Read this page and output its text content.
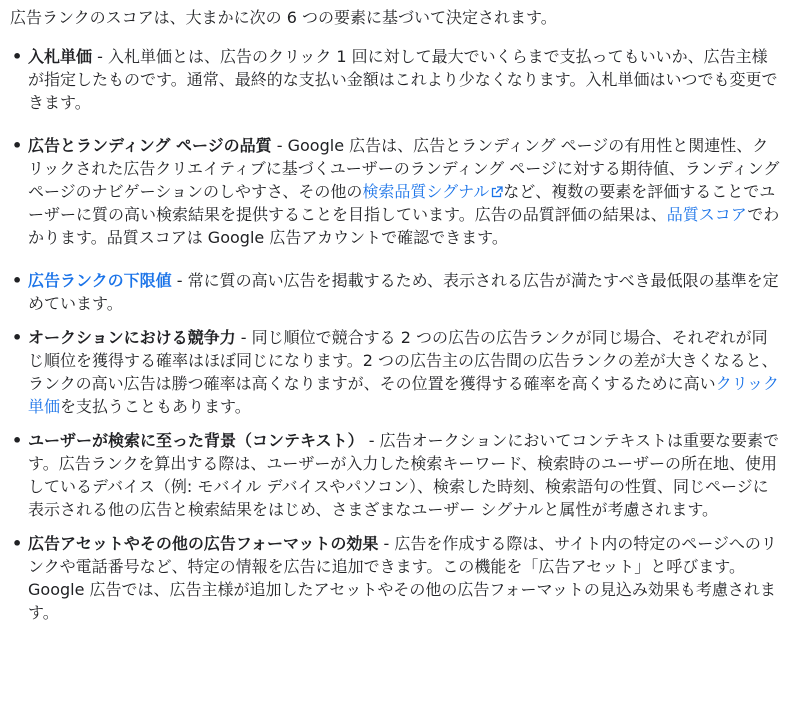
広告ランクのスコアは、大まかに次の 6 つの要素に基づいて決定されます。

• 入札単価 - 入札単価とは、広告のクリック 1 回に対して最大でいくらまで支払ってもいいか、広告主様が指定したものです。通常、最終的な支払い金額はこれより少なくなります。入札単価はいつでも変更できます。
• 広告とランディング ページの品質 - Google 広告は、広告とランディング ページの有用性と関連性、クリックされた広告クリエイティブに基づくユーザーのランディング ページに対する期待値、ランディング ページのナビゲーションのしやすさ、その他の検索品質シグナル など、複数の要素を評価することでユーザーに質の高い検索結果を提供することを目指しています。広告の品質評価の結果は、品質スコアでわかります。品質スコアは Google 広告アカウントで確認できます。
• 広告ランクの下限値 - 常に質の高い広告を掲載するため、表示される広告が満たすべき最低限の基準を定めています。
• オークションにおける競争力 - 同じ順位で競合する 2 つの広告の広告ランクが同じ場合、それぞれが同じ順位を獲得する確率はほぼ同じになります。2 つの広告主の広告間の広告ランクの差が大きくなると、ランクの高い広告は勝つ確率は高くなりますが、その位置を獲得する確率を高くするために高いクリック単価を支払うこともあります。
• ユーザーが検索に至った背景（コンテキスト） - 広告オークションにおいてコンテキストは重要な要素です。広告ランクを算出する際は、ユーザーが入力した検索キーワード、検索時のユーザーの所在地、使用しているデバイス（例: モバイル デバイスやパソコン）、検索した時刻、検索語句の性質、同じページに表示される他の広告と検索結果をはじめ、さまざまなユーザー シグナルと属性が考慮されます。
• 広告アセットやその他の広告フォーマットの効果 - 広告を作成する際は、サイト内の特定のページへのリンクや電話番号など、特定の情報を広告に追加できます。この機能を「広告アセット」と呼びます。Google 広告では、広告主様が追加したアセットやその他の広告フォーマットの見込み効果も考慮されます。
